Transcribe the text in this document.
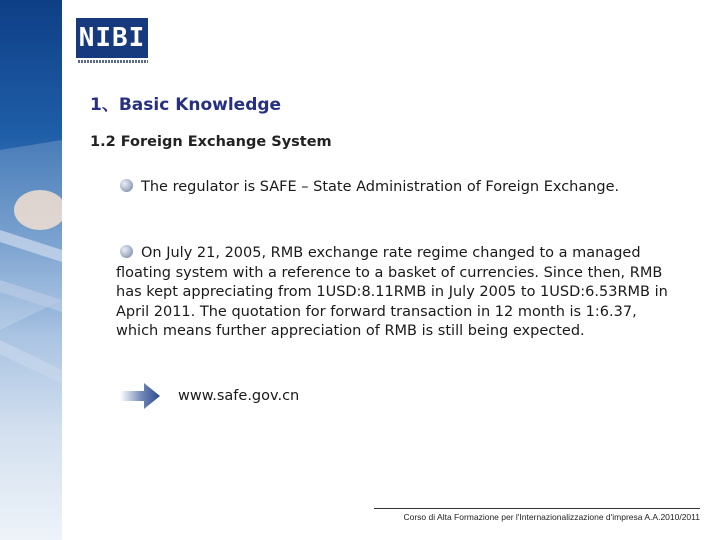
NIBI
1、Basic Knowledge
1.2 Foreign Exchange System
The regulator is SAFE – State Administration of Foreign Exchange.
On July 21, 2005, RMB exchange rate regime changed to a managed floating system with a reference to a basket of currencies. Since then, RMB has kept appreciating from 1USD:8.11RMB in July 2005 to 1USD:6.53RMB in April 2011. The quotation for forward transaction in 12 month is 1:6.37, which means further appreciation of RMB is still being expected.
www.safe.gov.cn
Corso di Alta Formazione per l'Internazionalizzazione d'impresa A.A.2010/2011
